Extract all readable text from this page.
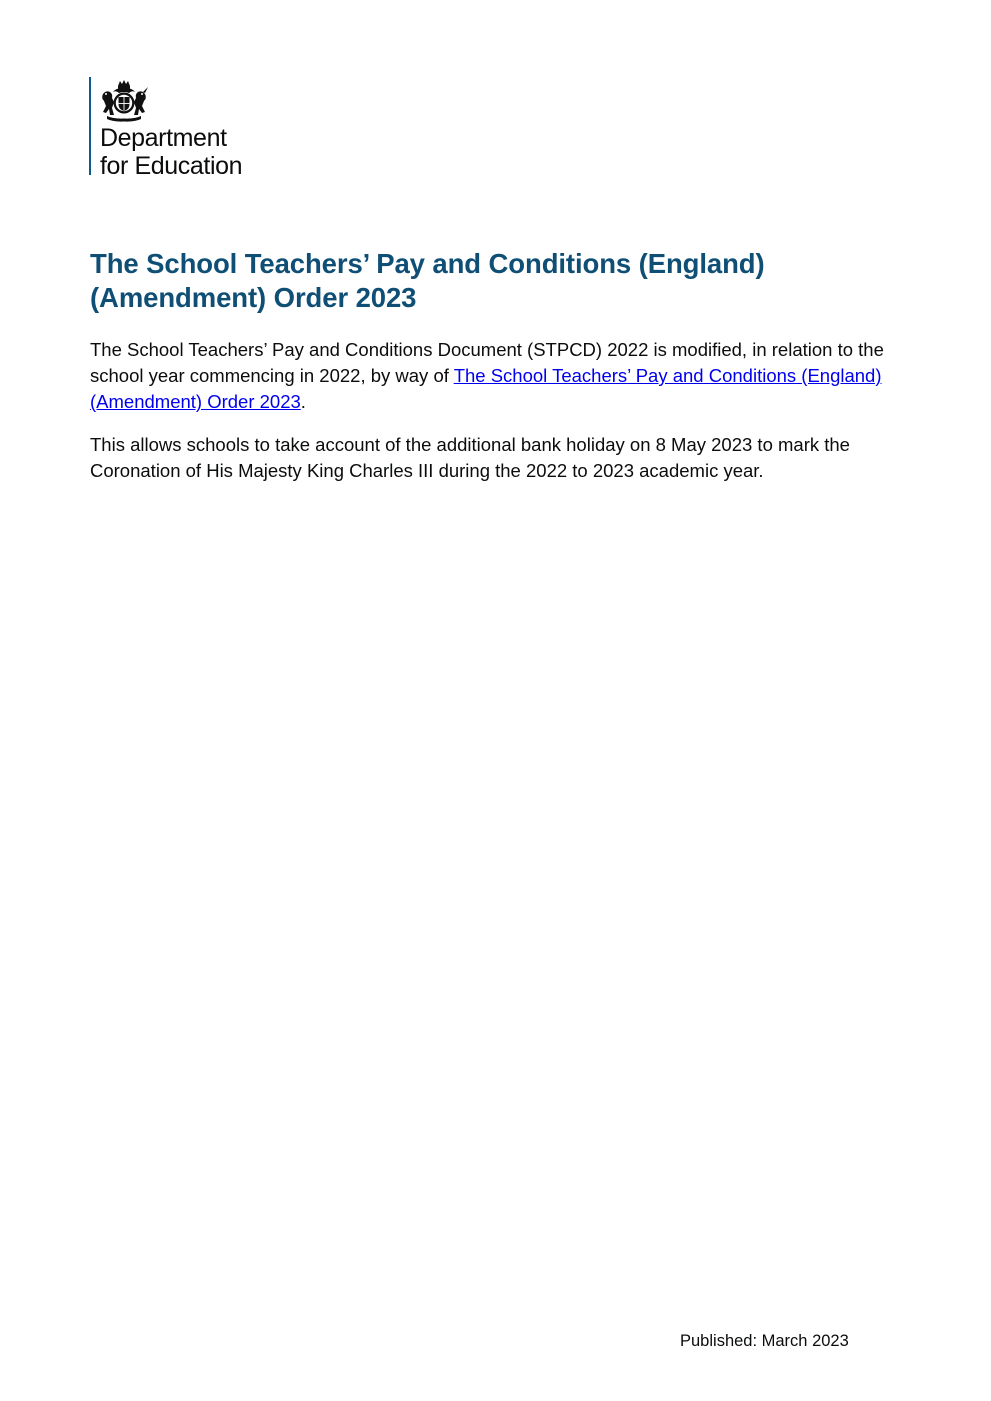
Department
for Education
The School Teachers’ Pay and Conditions (England) (Amendment) Order 2023

The School Teachers’ Pay and Conditions Document (STPCD) 2022 is modified, in relation to the school year commencing in 2022, by way of The School Teachers’ Pay and Conditions (England) (Amendment) Order 2023.

This allows schools to take account of the additional bank holiday on 8 May 2023 to mark the Coronation of His Majesty King Charles III during the 2022 to 2023 academic year.

Published: March 2023
